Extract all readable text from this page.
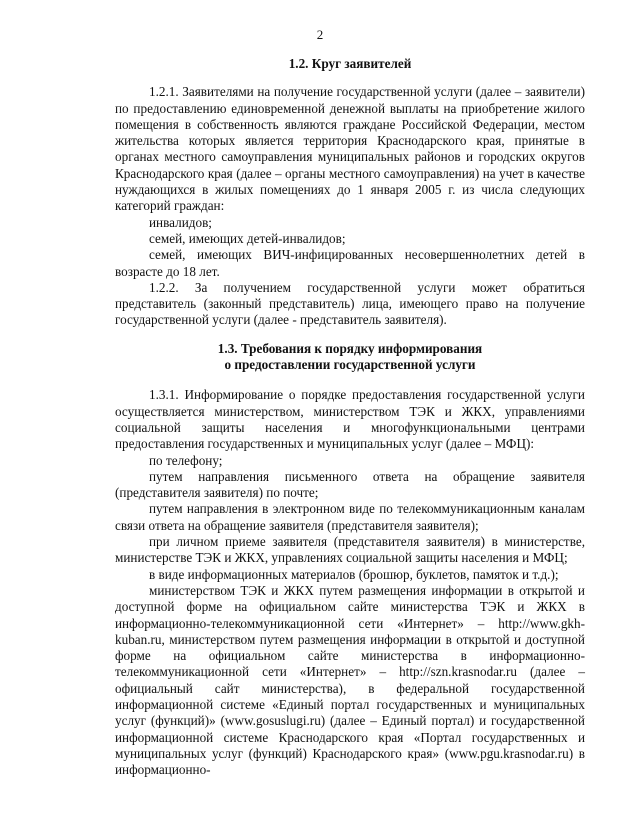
2
1.2. Круг заявителей

1.2.1. Заявителями на получение государственной услуги (далее – заявители) по предоставлению единовременной денежной выплаты на приобретение жилого помещения в собственность являются граждане Российской Федерации, местом жительства которых является территория Краснодарского края, принятые в органах местного самоуправления муниципальных районов и городских округов Краснодарского края (далее – органы местного самоуправления) на учет в качестве нуждающихся в жилых помещениях до 1 января 2005 г. из числа следующих категорий граждан:

инвалидов;

семей, имеющих детей-инвалидов;

семей, имеющих ВИЧ-инфицированных несовершеннолетних детей в возрасте до 18 лет.

1.2.2. За получением государственной услуги может обратиться представитель (законный представитель) лица, имеющего право на получение государственной услуги (далее - представитель заявителя).

1.3. Требования к порядку информирования
о предоставлении государственной услуги

1.3.1. Информирование о порядке предоставления государственной услуги осуществляется министерством, министерством ТЭК и ЖКХ, управлениями социальной защиты населения и многофункциональными центрами предоставления государственных и муниципальных услуг (далее – МФЦ):

по телефону;

путем направления письменного ответа на обращение заявителя (представителя заявителя) по почте;

путем направления в электронном виде по телекоммуникационным каналам связи ответа на обращение заявителя (представителя заявителя);

при личном приеме заявителя (представителя заявителя) в министерстве, министерстве ТЭК и ЖКХ, управлениях социальной защиты населения и МФЦ;

в виде информационных материалов (брошюр, буклетов, памяток и т.д.);

министерством ТЭК и ЖКХ путем размещения информации в открытой и доступной форме на официальном сайте министерства ТЭК и ЖКХ в информационно-телекоммуникационной сети «Интернет» – http://www.gkh-kuban.ru, министерством путем размещения информации в открытой и доступной форме на официальном сайте министерства в информационно-телекоммуникационной сети «Интернет» – http://szn.krasnodar.ru (далее – официальный сайт министерства), в федеральной государственной информационной системе «Единый портал государственных и муниципальных услуг (функций)» (www.gosuslugi.ru) (далее – Единый портал) и государственной информационной системе Краснодарского края «Портал государственных и муниципальных услуг (функций) Краснодарского края» (www.pgu.krasnodar.ru) в информационно-
